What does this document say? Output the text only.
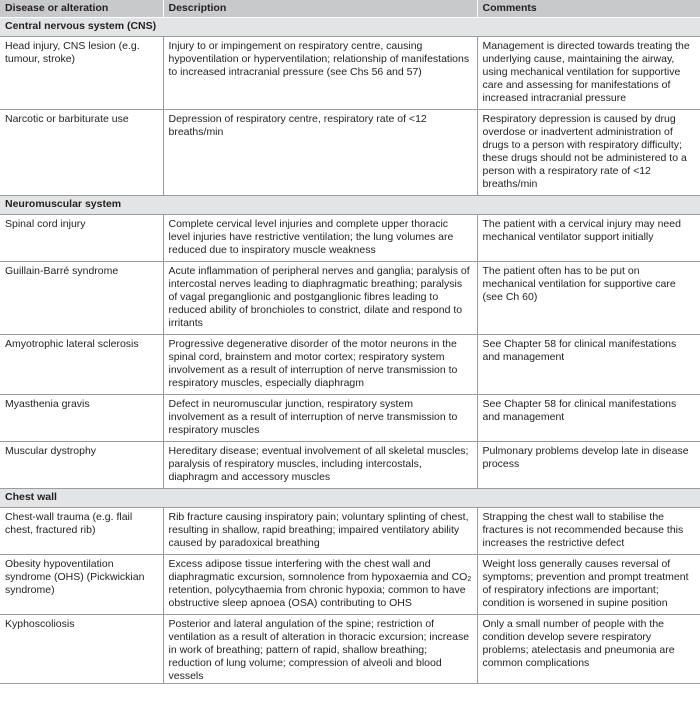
Disease or alteration	Description	Comments
Central nervous system (CNS)		
Head injury, CNS lesion (e.g. tumour, stroke)	Injury to or impingement on respiratory centre, causing hypoventilation or hyperventilation; relationship of manifestations to increased intracranial pressure (see Chs 56 and 57)	Management is directed towards treating the underlying cause, maintaining the airway, using mechanical ventilation for supportive care and assessing for manifestations of increased intracranial pressure
Narcotic or barbiturate use	Depression of respiratory centre, respiratory rate of <12 breaths/min	Respiratory depression is caused by drug overdose or inadvertent administration of drugs to a person with respiratory difficulty; these drugs should not be administered to a person with a respiratory rate of <12 breaths/min
Neuromuscular system		
Spinal cord injury	Complete cervical level injuries and complete upper thoracic level injuries have restrictive ventilation; the lung volumes are reduced due to inspiratory muscle weakness	The patient with a cervical injury may need mechanical ventilator support initially
Guillain-Barré syndrome	Acute inflammation of peripheral nerves and ganglia; paralysis of intercostal nerves leading to diaphragmatic breathing; paralysis of vagal preganglionic and postganglionic fibres leading to reduced ability of bronchioles to constrict, dilate and respond to irritants	The patient often has to be put on mechanical ventilation for supportive care (see Ch 60)
Amyotrophic lateral sclerosis	Progressive degenerative disorder of the motor neurons in the spinal cord, brainstem and motor cortex; respiratory system involvement as a result of interruption of nerve transmission to respiratory muscles, especially diaphragm	See Chapter 58 for clinical manifestations and management
Myasthenia gravis	Defect in neuromuscular junction, respiratory system involvement as a result of interruption of nerve transmission to respiratory muscles	See Chapter 58 for clinical manifestations and management
Muscular dystrophy	Hereditary disease; eventual involvement of all skeletal muscles; paralysis of respiratory muscles, including intercostals, diaphragm and accessory muscles	Pulmonary problems develop late in disease process
Chest wall		
Chest-wall trauma (e.g. flail chest, fractured rib)	Rib fracture causing inspiratory pain; voluntary splinting of chest, resulting in shallow, rapid breathing; impaired ventilatory ability caused by paradoxical breathing	Strapping the chest wall to stabilise the fractures is not recommended because this increases the restrictive defect
Obesity hypoventilation syndrome (OHS) (Pickwickian syndrome)	Excess adipose tissue interfering with the chest wall and diaphragmatic excursion, somnolence from hypoxaemia and $CO_2$ retention, polycythaemia from chronic hypoxia; common to have obstructive sleep apnoea (OSA) contributing to OHS	Weight loss generally causes reversal of symptoms; prevention and prompt treatment of respiratory infections are important; condition is worsened in supine position
Kyphoscoliosis	Posterior and lateral angulation of the spine; restriction of ventilation as a result of alteration in thoracic excursion; increase in work of breathing; pattern of rapid, shallow breathing; reduction of lung volume; compression of alveoli and blood vessels	Only a small number of people with the condition develop severe respiratory problems; atelectasis and pneumonia are common complications
